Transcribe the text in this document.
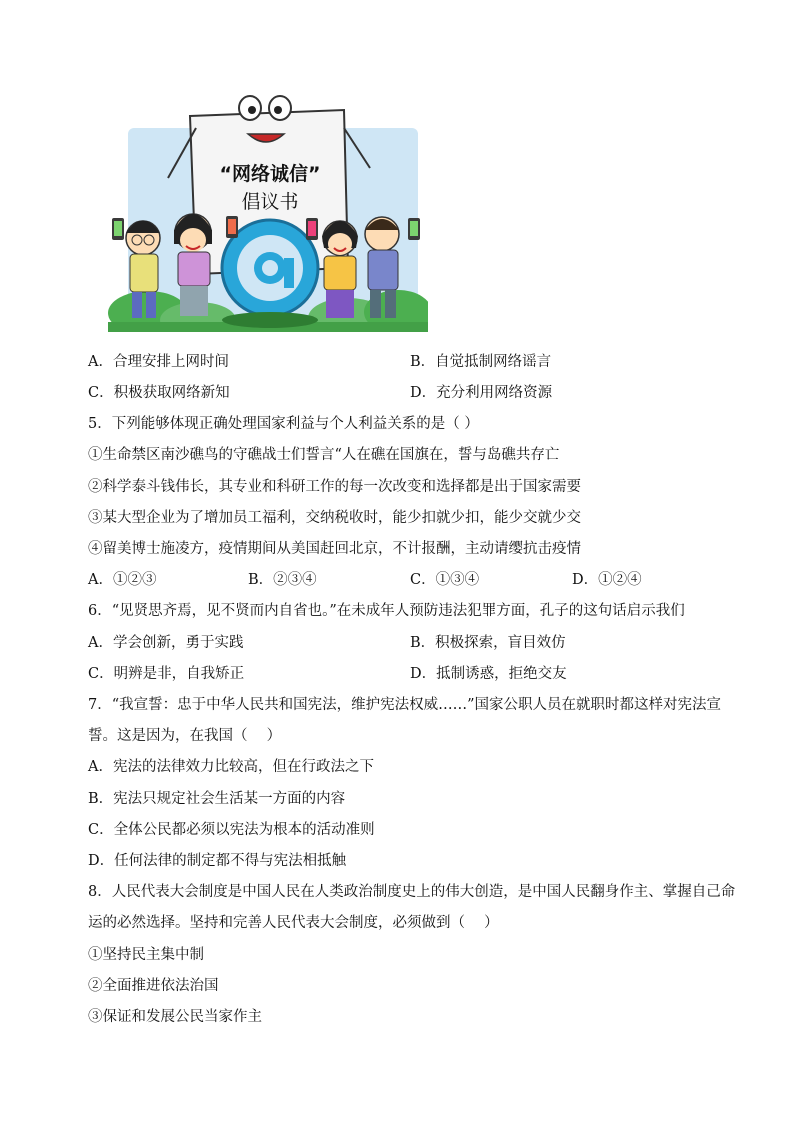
“网络诚信”
倡议书
A．合理安排上网时间	B．自觉抵制网络谣言
C．积极获取网络新知	D．充分利用网络资源
5．下列能够体现正确处理国家利益与个人利益关系的是（ ）
①生命禁区南沙礁鸟的守礁战士们誓言“人在礁在国旗在，誓与岛礁共存亡
②科学泰斗钱伟长，其专业和科研工作的每一次改变和选择都是出于国家需要
③某大型企业为了增加员工福利，交纳税收时，能少扣就少扣，能少交就少交
④留美博士施凌方，疫情期间从美国赶回北京，不计报酬，主动请缨抗击疫情
A．①②③	B．②③④	C．①③④	D．①②④
6．“见贤思齐焉，见不贤而内自省也。”在未成年人预防违法犯罪方面，孔子的这句话启示我们
A．学会创新，勇于实践	B．积极探索，盲目效仿
C．明辨是非，自我矫正	D．抵制诱惑，拒绝交友
7．“我宣誓：忠于中华人民共和国宪法，维护宪法权威……”国家公职人员在就职时都这样对宪法宣
誓。这是因为，在我国（　 ）
A．宪法的法律效力比较高，但在行政法之下
B．宪法只规定社会生活某一方面的内容
C．全体公民都必须以宪法为根本的活动准则
D．任何法律的制定都不得与宪法相抵触
8．人民代表大会制度是中国人民在人类政治制度史上的伟大创造，是中国人民翻身作主、掌握自己命
运的必然选择。坚持和完善人民代表大会制度，必须做到（　 ）
①坚持民主集中制
②全面推进依法治国
③保证和发展公民当家作主
